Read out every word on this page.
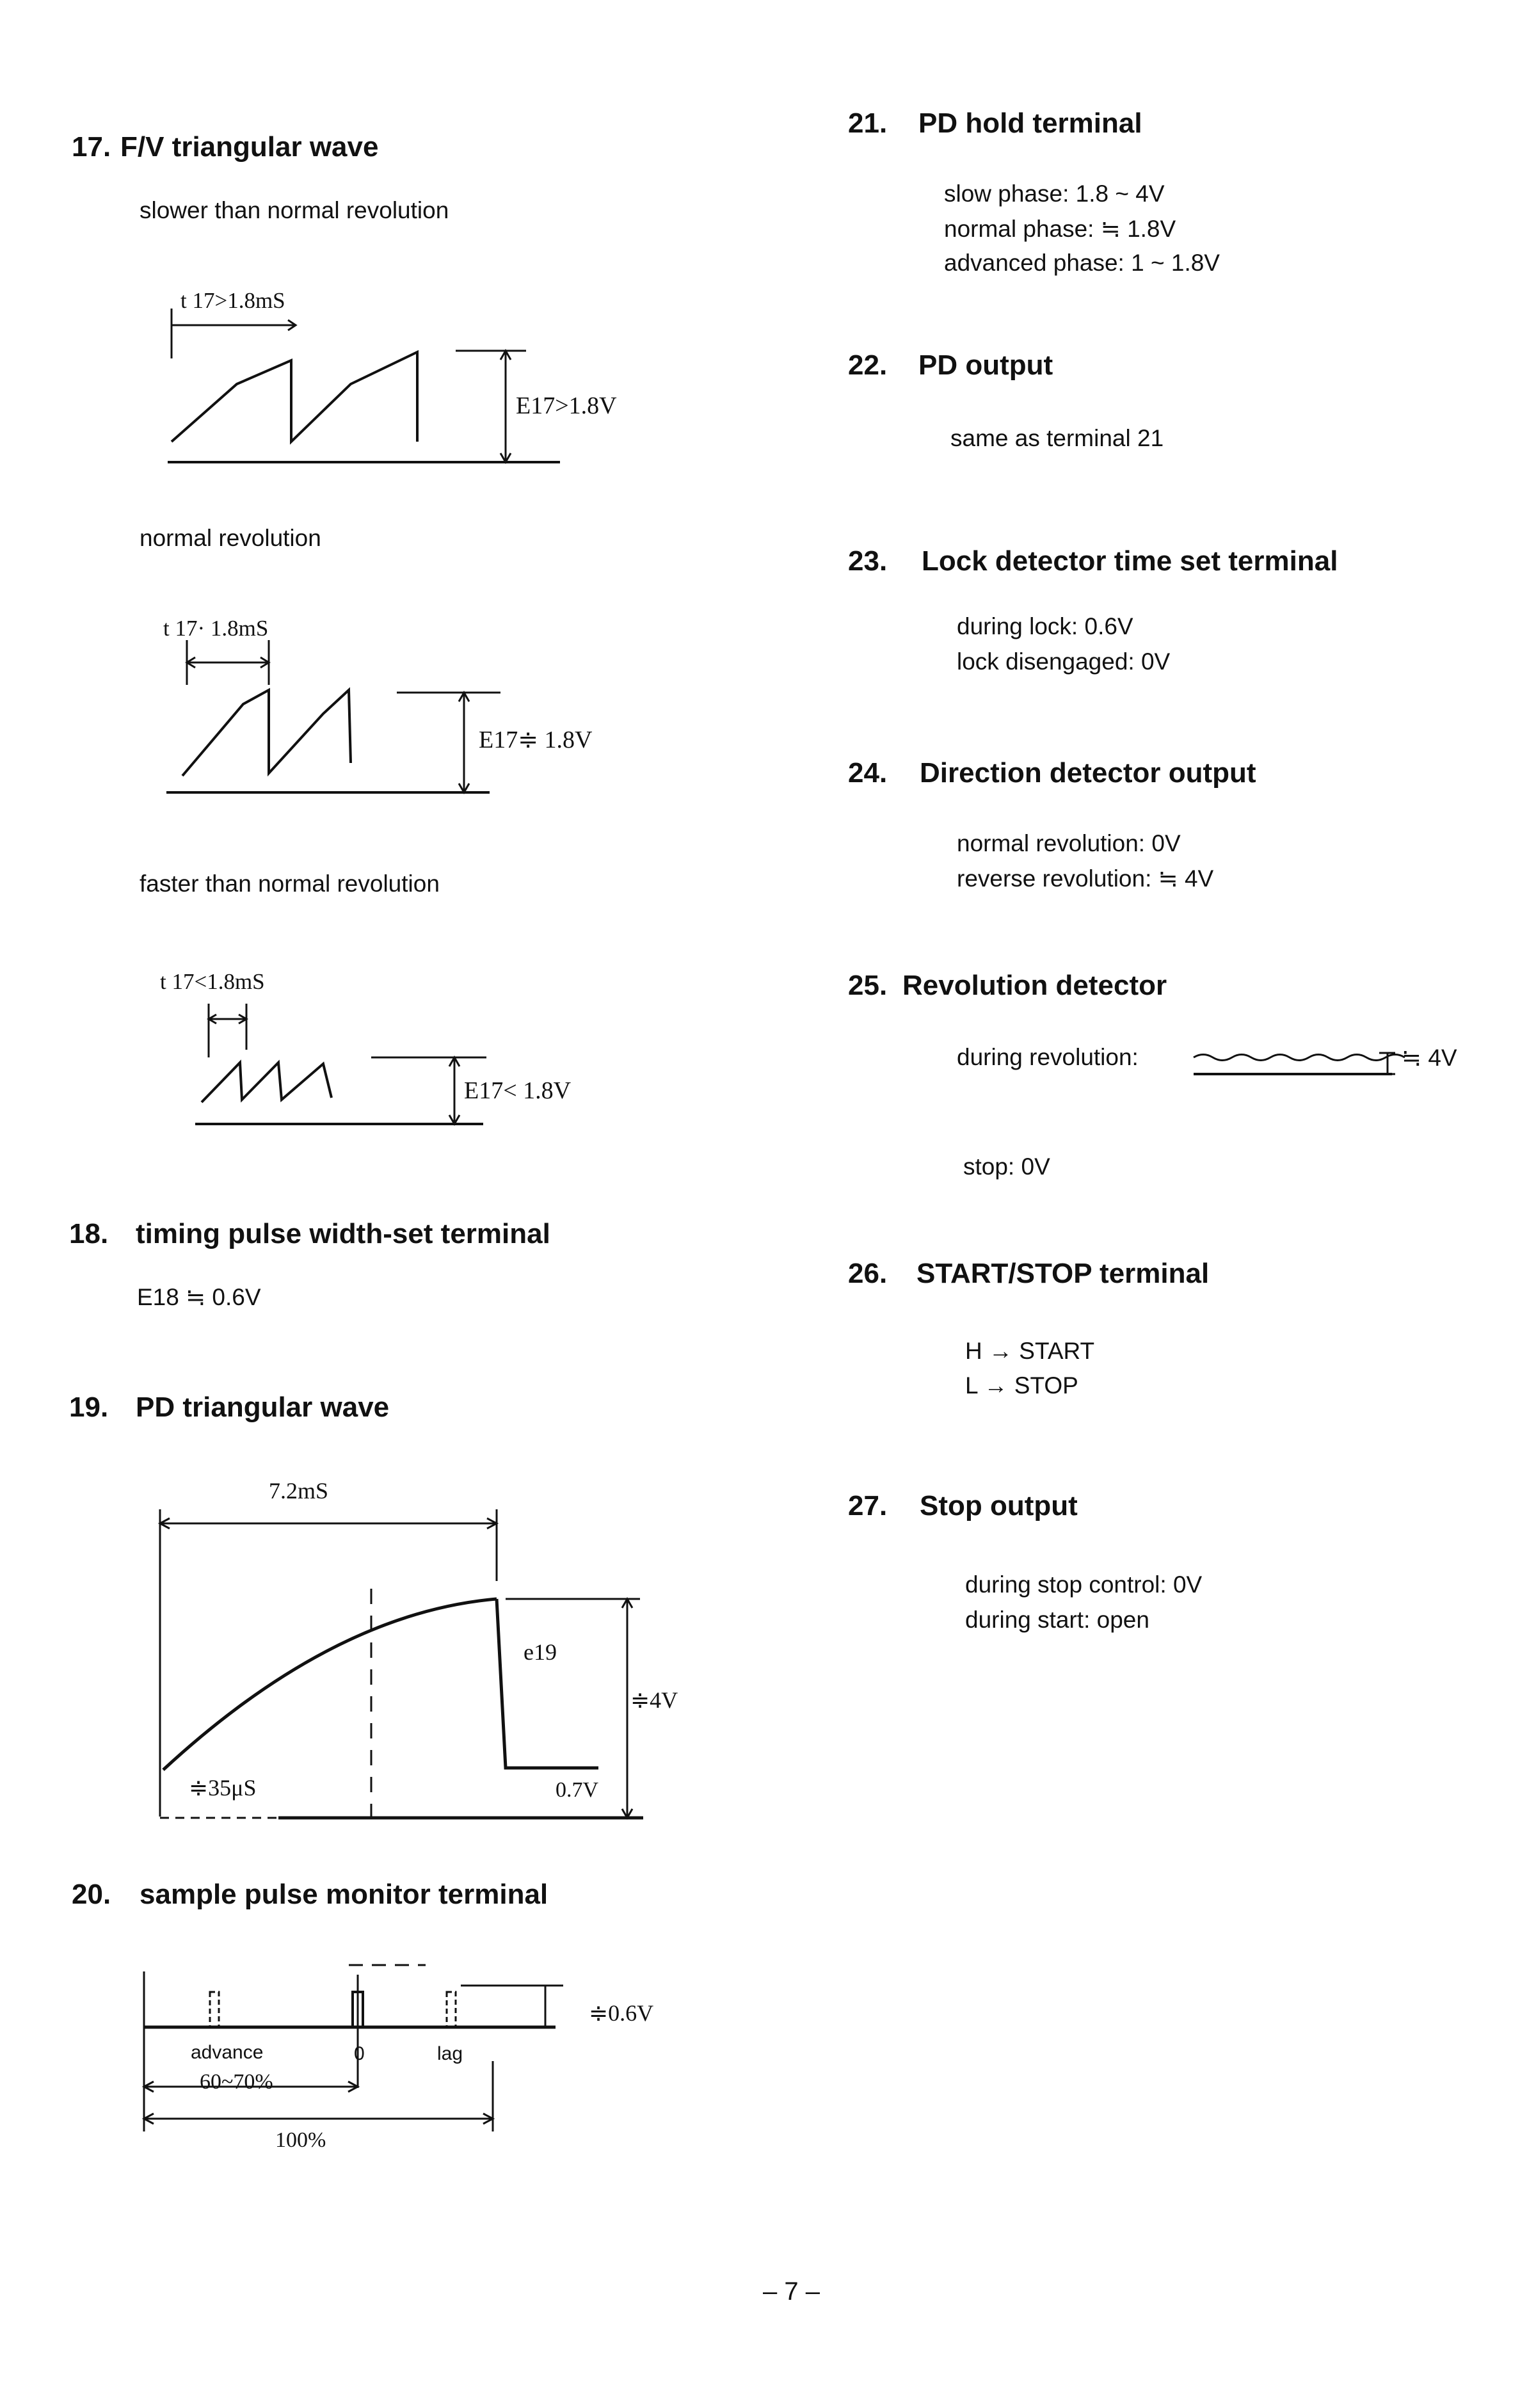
17. F/V triangular wave
slower than normal revolution
t 17>1.8mS
E17>1.8V
normal revolution
t 17· 1.8mS
E17≑ 1.8V
faster than normal revolution
t 17<1.8mS
E17< 1.8V
18. timing pulse width-set terminal
E18 ≒ 0.6V
19. PD triangular wave
7.2mS
e19
≑4V
≑35μS	0.7V
20. sample pulse monitor terminal
≑0.6V
advance	0	lag
60~70%
100%
21. PD hold terminal
slow phase: 1.8 ~ 4V
normal phase: ≒ 1.8V
advanced phase: 1 ~ 1.8V
22. PD output
same as terminal 21
23. Lock detector time set terminal
during lock: 0.6V
lock disengaged: 0V
24. Direction detector output
normal revolution: 0V
reverse revolution: ≒ 4V
25. Revolution detector
during revolution:	≒ 4V
stop: 0V
26. START/STOP terminal
H → START
L → STOP
27. Stop output
during stop control: 0V
during start: open
– 7 –
